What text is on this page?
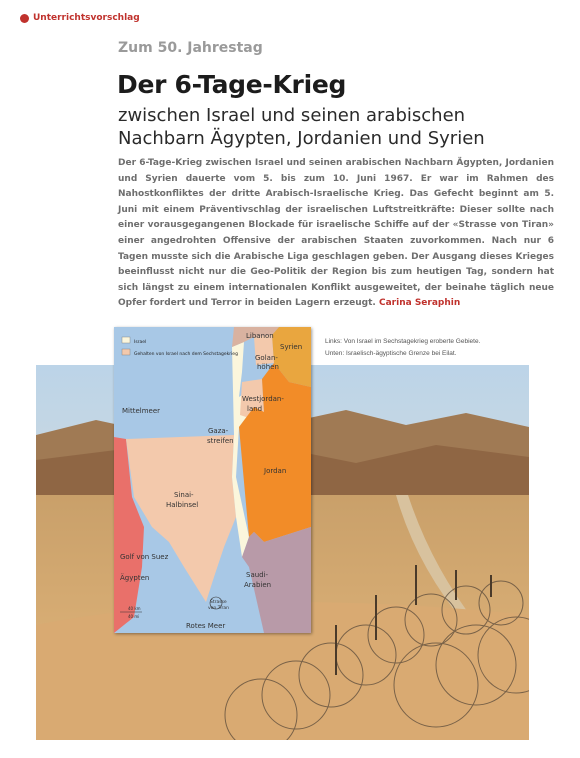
Unterrichtsvorschlag
Zum 50. Jahrestag
Der 6-Tage-Krieg
zwischen Israel und seinen arabischen
Nachbarn Ägypten, Jordanien und Syrien
Der 6-Tage-Krieg zwischen Israel und seinen arabischen Nachbarn Ägypten, Jordanien und Syrien dauerte vom 5. bis zum 10. Juni 1967. Er war im Rahmen des Nahostkonfliktes der dritte Arabisch-Israelische Krieg. Das Gefecht beginnt am 5. Juni mit einem Präventivschlag der israelischen Luftstreitkräfte: Dieser sollte nach einer vorausgegangenen Blockade für israelische Schiffe auf der «Strasse von Tiran» einer angedrohten Offensive der arabischen Staaten zuvorkommen. Nach nur 6 Tagen musste sich die Arabische Liga geschlagen geben. Der Ausgang dieses Krieges beeinflusst nicht nur die Geo-Politik der Region bis zum heutigen Tag, sondern hat sich längst zu einem internationalen Konflikt ausgeweitet, der beinahe täglich neue Opfer fordert und Terror in beiden Lagern erzeugt. Carina Seraphin
Links: Von Israel im Sechstagekrieg eroberte Gebiete.
Unten: Israelisch-ägyptische Grenze bei Eilat.
Israel
Gehalten von Israel nach dem Sechstagekrieg
Libanon
Syrien
Golan-
höhen
Mittelmeer
Westjordan-
land
Gaza-
streifen
Jordan
Sinai-
Halbinsel
Golf von Suez
Ägypten	Saudi-
Arabien
Rotes Meer
Strasse
von Tiran
40 km
40 mi
